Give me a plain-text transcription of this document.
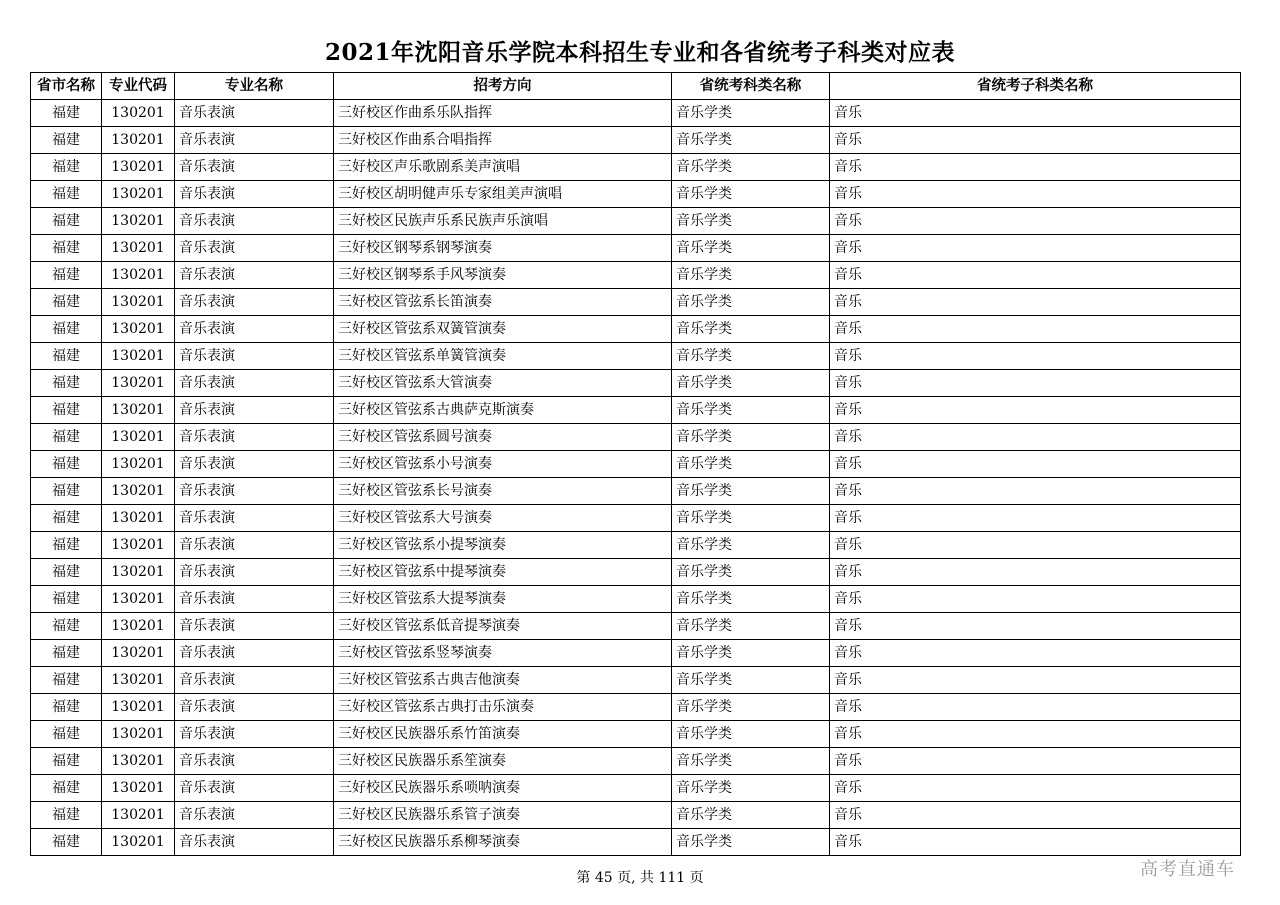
2021年沈阳音乐学院本科招生专业和各省统考子科类对应表
省市名称	专业代码	专业名称	招考方向	省统考科类名称	省统考子科类名称
福建	130201	音乐表演	三好校区作曲系乐队指挥	音乐学类	音乐
福建	130201	音乐表演	三好校区作曲系合唱指挥	音乐学类	音乐
福建	130201	音乐表演	三好校区声乐歌剧系美声演唱	音乐学类	音乐
福建	130201	音乐表演	三好校区胡明健声乐专家组美声演唱	音乐学类	音乐
福建	130201	音乐表演	三好校区民族声乐系民族声乐演唱	音乐学类	音乐
福建	130201	音乐表演	三好校区钢琴系钢琴演奏	音乐学类	音乐
福建	130201	音乐表演	三好校区钢琴系手风琴演奏	音乐学类	音乐
福建	130201	音乐表演	三好校区管弦系长笛演奏	音乐学类	音乐
福建	130201	音乐表演	三好校区管弦系双簧管演奏	音乐学类	音乐
福建	130201	音乐表演	三好校区管弦系单簧管演奏	音乐学类	音乐
福建	130201	音乐表演	三好校区管弦系大管演奏	音乐学类	音乐
福建	130201	音乐表演	三好校区管弦系古典萨克斯演奏	音乐学类	音乐
福建	130201	音乐表演	三好校区管弦系圆号演奏	音乐学类	音乐
福建	130201	音乐表演	三好校区管弦系小号演奏	音乐学类	音乐
福建	130201	音乐表演	三好校区管弦系长号演奏	音乐学类	音乐
福建	130201	音乐表演	三好校区管弦系大号演奏	音乐学类	音乐
福建	130201	音乐表演	三好校区管弦系小提琴演奏	音乐学类	音乐
福建	130201	音乐表演	三好校区管弦系中提琴演奏	音乐学类	音乐
福建	130201	音乐表演	三好校区管弦系大提琴演奏	音乐学类	音乐
福建	130201	音乐表演	三好校区管弦系低音提琴演奏	音乐学类	音乐
福建	130201	音乐表演	三好校区管弦系竖琴演奏	音乐学类	音乐
福建	130201	音乐表演	三好校区管弦系古典吉他演奏	音乐学类	音乐
福建	130201	音乐表演	三好校区管弦系古典打击乐演奏	音乐学类	音乐
福建	130201	音乐表演	三好校区民族器乐系竹笛演奏	音乐学类	音乐
福建	130201	音乐表演	三好校区民族器乐系笙演奏	音乐学类	音乐
福建	130201	音乐表演	三好校区民族器乐系唢呐演奏	音乐学类	音乐
福建	130201	音乐表演	三好校区民族器乐系管子演奏	音乐学类	音乐
福建	130201	音乐表演	三好校区民族器乐系柳琴演奏	音乐学类	音乐
第 45 页, 共 111 页	高考直通车
